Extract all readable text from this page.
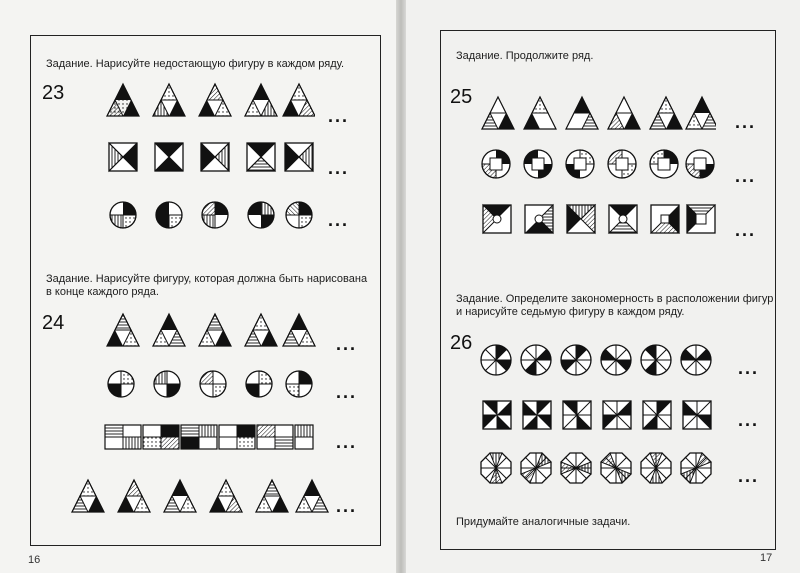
Задание. Нарисуйте недостающую фигуру в каждом ряду.
23
...
...
...
Задание. Нарисуйте фигуру, которая должна быть нарисована
в конце каждого ряда.
24
...
...
...
...
16
Задание. Продолжите ряд.
25
...
...
...
Задание. Определите закономерность в расположении фигур
и нарисуйте седьмую фигуру в каждом ряду.
26
...
...
...
Придумайте аналогичные задачи.
17
